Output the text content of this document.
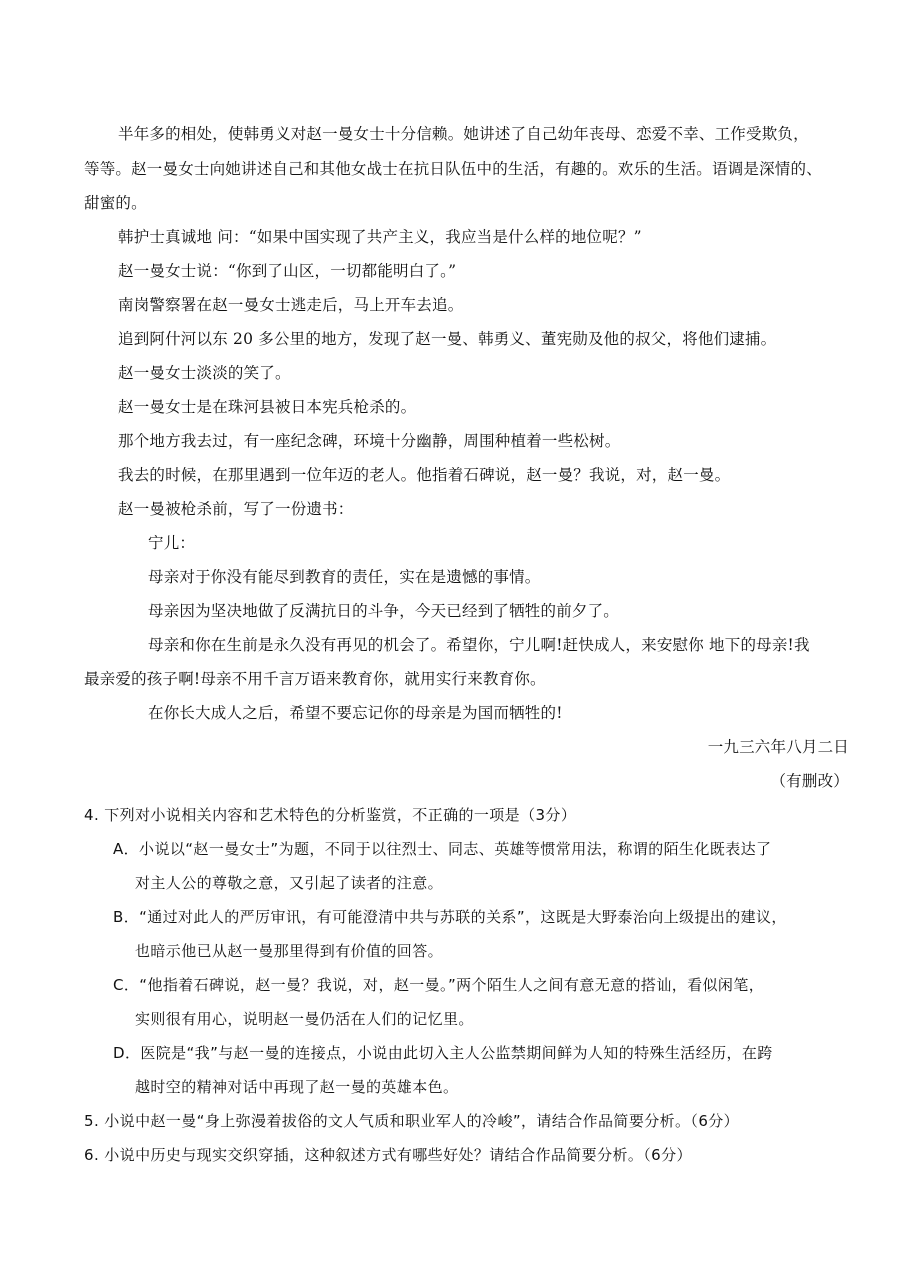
半年多的相处，使韩勇义对赵一曼女士十分信赖。她讲述了自己幼年丧母、恋爱不幸、工作受欺负，
等等。赵一曼女士向她讲述自己和其他女战士在抗日队伍中的生活，有趣的。欢乐的生活。语调是深情的、
甜蜜的。
韩护士真诚地 问：“如果中国实现了共产主义，我应当是什么样的地位呢？”
赵一曼女士说：“你到了山区，一切都能明白了。”
南岗警察署在赵一曼女士逃走后，马上开车去追。
追到阿什河以东 20 多公里的地方，发现了赵一曼、韩勇义、董宪勋及他的叔父，将他们逮捕。
赵一曼女士淡淡的笑了。
赵一曼女士是在珠河县被日本宪兵枪杀的。
那个地方我去过，有一座纪念碑，环境十分幽静，周围种植着一些松树。
我去的时候，在那里遇到一位年迈的老人。他指着石碑说，赵一曼？我说，对，赵一曼。
赵一曼被枪杀前，写了一份遗书：
宁儿：
母亲对于你没有能尽到教育的责任，实在是遗憾的事情。
母亲因为坚决地做了反满抗日的斗争，今天已经到了牺牲的前夕了。
母亲和你在生前是永久没有再见的机会了。希望你，宁儿啊!赶快成人，来安慰你 地下的母亲!我
最亲爱的孩子啊!母亲不用千言万语来教育你，就用实行来教育你。
在你长大成人之后，希望不要忘记你的母亲是为国而牺牲的!
一九三六年八月二日
（有删改）
4. 下列对小说相关内容和艺术特色的分析鉴赏，不正确的一项是（3分）
A．小说以“赵一曼女士”为题，不同于以往烈士、同志、英雄等惯常用法，称谓的陌生化既表达了
对主人公的尊敬之意，又引起了读者的注意。
B．“通过对此人的严厉审讯，有可能澄清中共与苏联的关系”，这既是大野泰治向上级提出的建议，
也暗示他已从赵一曼那里得到有价值的回答。
C．“他指着石碑说，赵一曼？我说，对，赵一曼。”两个陌生人之间有意无意的搭讪，看似闲笔，
实则很有用心，说明赵一曼仍活在人们的记忆里。
D．医院是“我”与赵一曼的连接点，小说由此切入主人公监禁期间鲜为人知的特殊生活经历，在跨
越时空的精神对话中再现了赵一曼的英雄本色。
5. 小说中赵一曼“身上弥漫着拔俗的文人气质和职业军人的冷峻”，请结合作品简要分析。（6分）
6. 小说中历史与现实交织穿插，这种叙述方式有哪些好处？请结合作品简要分析。（6分）
